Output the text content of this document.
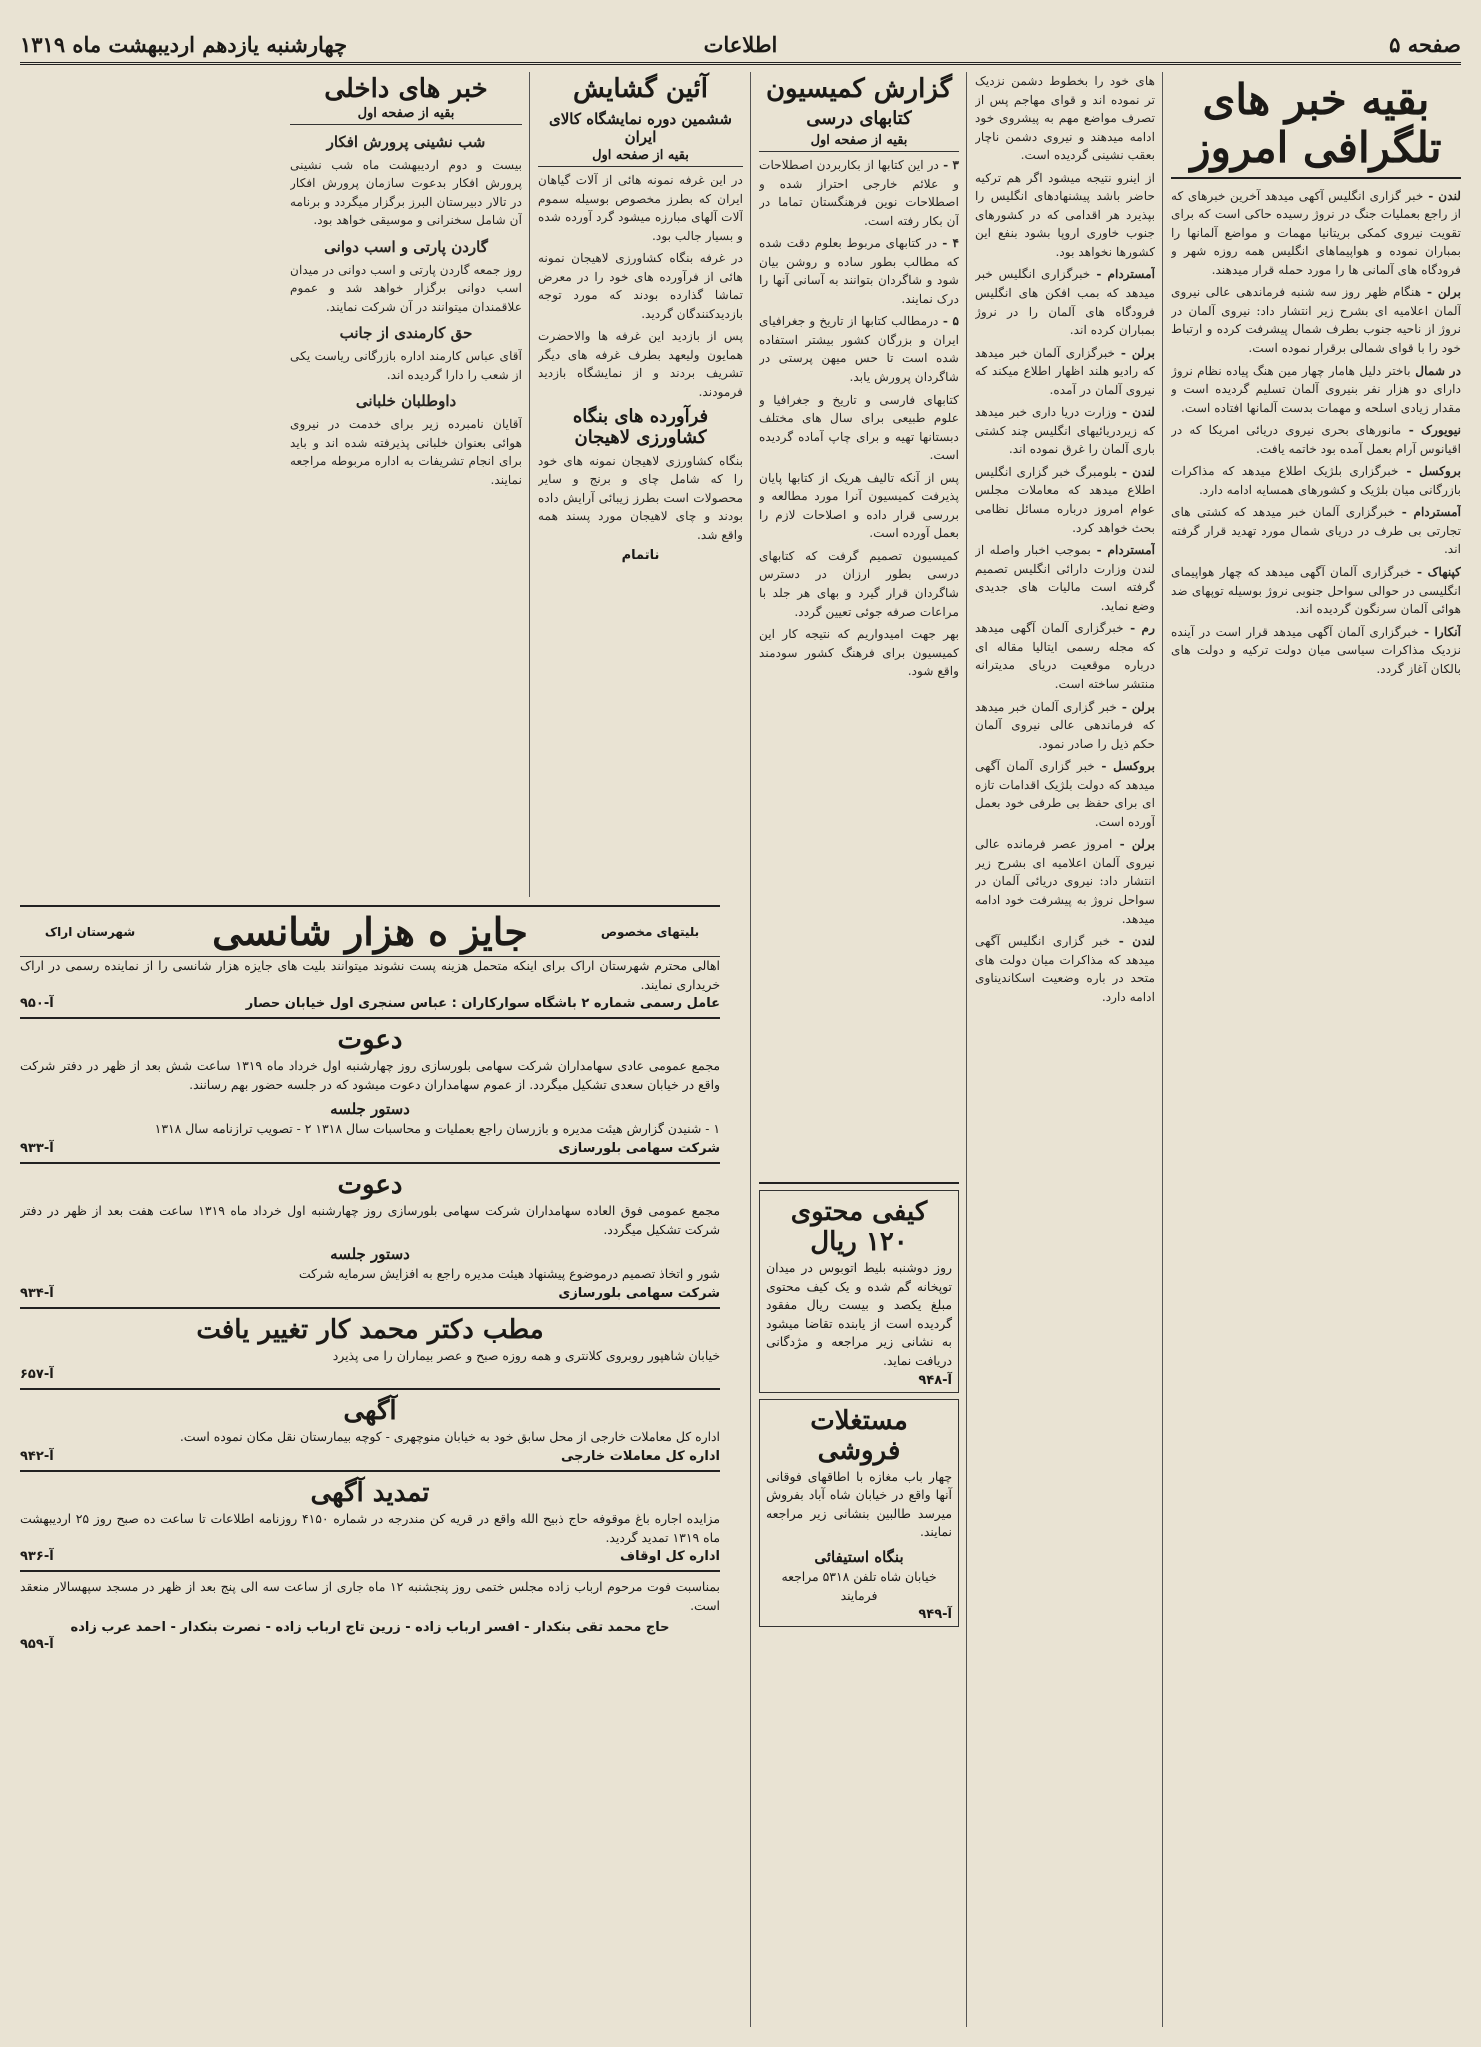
صفحه ۵
اطلاعات
چهارشنبه یازدهم اردیبهشت ماه ۱۳۱۹
بقیه خبر های تلگرافی امروز

لندن - خبر گزاری انگلیس آکهی میدهد آخرین خبرهای که از راجع بعملیات جنگ در نروژ رسیده حاکی است که برای تقویت نیروی کمکی بریتانیا مهمات و مواضع آلمانها را بمباران نموده و هواپیماهای انگلیس همه روزه شهر و فرودگاه های آلمانی ها را مورد حمله قرار میدهند.

برلن - هنگام ظهر روز سه شنبه فرماندهی عالی نیروی آلمان اعلامیه ای بشرح زیر انتشار داد: نیروی آلمان در نروژ از ناحیه جنوب بطرف شمال پیشرفت کرده و ارتباط خود را با قوای شمالی برقرار نموده است.

در شمال باختر دلیل هامار چهار مین هنگ پیاده نظام نروژ دارای دو هزار نفر بنیروی آلمان تسلیم گردیده است و مقدار زیادی اسلحه و مهمات بدست آلمانها افتاده است.

نیویورک - مانورهای بحری نیروی دریائی امریکا که در اقیانوس آرام بعمل آمده بود خاتمه یافت.

بروکسل - خبرگزاری بلژیک اطلاع میدهد که مذاکرات بازرگانی میان بلژیک و کشورهای همسایه ادامه دارد.

آمستردام - خبرگزاری آلمان خبر میدهد که کشتی های تجارتی بی طرف در دریای شمال مورد تهدید قرار گرفته اند.

کپنهاک - خبرگزاری آلمان آگهی میدهد که چهار هواپیمای انگلیسی در حوالی سواحل جنوبی نروژ بوسیله توپهای ضد هوائی آلمان سرنگون گردیده اند.

آنکارا - خبرگزاری آلمان آگهی میدهد قرار است در آینده نزدیک مذاکرات سیاسی میان دولت ترکیه و دولت های بالکان آغاز گردد.

های خود را بخطوط دشمن نزدیک تر نموده اند و قوای مهاجم پس از تصرف مواضع مهم به پیشروی خود ادامه میدهند و نیروی دشمن ناچار بعقب نشینی گردیده است.

از اینرو نتیجه میشود اگر هم ترکیه حاضر باشد پیشنهادهای انگلیس را بپذیرد هر اقدامی که در کشورهای جنوب خاوری اروپا بشود بنفع این کشورها نخواهد بود.

آمستردام - خبرگزاری انگلیس خبر میدهد که بمب افکن های انگلیس فرودگاه های آلمان را در نروژ بمباران کرده اند.

برلن - خبرگزاری آلمان خبر میدهد که رادیو هلند اظهار اطلاع میکند که نیروی آلمان در آمده.

لندن - وزارت دریا داری خبر میدهد که زیردریائیهای انگلیس چند کشتی باری آلمان را غرق نموده اند.

لندن - بلومبرگ خبر گزاری انگلیس اطلاع میدهد که معاملات مجلس عوام امروز درباره مسائل نظامی بحث خواهد کرد.

آمستردام - بموجب اخبار واصله از لندن وزارت دارائی انگلیس تصمیم گرفته است مالیات های جدیدی وضع نماید.

رم - خبرگزاری آلمان آگهی میدهد که مجله رسمی ایتالیا مقاله ای درباره موقعیت دریای مدیترانه منتشر ساخته است.

برلن - خبر گزاری آلمان خبر میدهد که فرماندهی عالی نیروی آلمان حکم ذیل را صادر نمود.

بروکسل - خبر گزاری آلمان آگهی میدهد که دولت بلژیک اقدامات تازه ای برای حفظ بی طرفی خود بعمل آورده است.

برلن - امروز عصر فرمانده عالی نیروی آلمان اعلامیه ای بشرح زیر انتشار داد: نیروی دریائی آلمان در سواحل نروژ به پیشرفت خود ادامه میدهد.

لندن - خبر گزاری انگلیس آگهی میدهد که مذاکرات میان دولت های متحد در باره وضعیت اسکاندیناوی ادامه دارد.

گزارش کمیسیون
کتابهای درسی
بقیه از صفحه اول

۳ - در این کتابها از بکاربردن اصطلاحات و علائم خارجی احتراز شده و اصطلاحات نوین فرهنگستان تماما در آن بکار رفته است.

۴ - در کتابهای مربوط بعلوم دقت شده که مطالب بطور ساده و روشن بیان شود و شاگردان بتوانند به آسانی آنها را درک نمایند.

۵ - درمطالب کتابها از تاریخ و جغرافیای ایران و بزرگان کشور بیشتر استفاده شده است تا حس میهن پرستی در شاگردان پرورش یابد.

کتابهای فارسی و تاریخ و جغرافیا و علوم طبیعی برای سال های مختلف دبستانها تهیه و برای چاپ آماده گردیده است.

پس از آنکه تالیف هریک از کتابها پایان پذیرفت کمیسیون آنرا مورد مطالعه و بررسی قرار داده و اصلاحات لازم را بعمل آورده است.

کمیسیون تصمیم گرفت که کتابهای درسی بطور ارزان در دسترس شاگردان قرار گیرد و بهای هر جلد با مراعات صرفه جوئی تعیین گردد.

بهر جهت امیدواریم که نتیجه کار این کمیسیون برای فرهنگ کشور سودمند واقع شود.

کیفی محتوی ۱۲۰ ریال
روز دوشنبه بلیط اتوبوس در میدان توپخانه گم شده و یک کیف محتوی مبلغ یکصد و بیست ریال مفقود گردیده است از یابنده تقاضا میشود به نشانی زیر مراجعه و مژدگانی دریافت نماید.
آ-۹۴۸
مستغلات فروشی
چهار باب مغازه با اطاقهای فوقانی آنها واقع در خیابان شاه آباد بفروش میرسد طالبین بنشانی زیر مراجعه نمایند.
بنگاه استیفائی
خیابان شاه تلفن ۵۳۱۸ مراجعه فرمایند
آ-۹۴۹
آئین گشایش
ششمین دوره نمایشگاه کالای ایران
بقیه از صفحه اول

در این غرفه نمونه هائی از آلات گیاهان ایران که بطرز مخصوص بوسیله سموم آلات آلهای مبارزه میشود گرد آورده شده و بسیار جالب بود.

در غرفه بنگاه کشاورزی لاهیجان نمونه هائی از فرآورده های خود را در معرض تماشا گذارده بودند که مورد توجه بازدیدکنندگان گردید.

پس از بازدید این غرفه ها والاحضرت همایون ولیعهد بطرف غرفه های دیگر تشریف بردند و از نمایشگاه بازدید فرمودند.

فرآورده های بنگاه کشاورزی لاهیجان
بنگاه کشاورزی لاهیجان نمونه های خود را که شامل چای و برنج و سایر محصولات است بطرز زیبائی آرایش داده بودند و چای لاهیجان مورد پسند همه واقع شد.
ناتمام
خبر های داخلی
بقیه از صفحه اول
شب نشینی پرورش افکار

بیست و دوم اردیبهشت ماه شب نشینی پرورش افکار بدعوت سازمان پرورش افکار در تالار دبیرستان البرز برگزار میگردد و برنامه آن شامل سخنرانی و موسیقی خواهد بود.

گاردن پارتی و اسب دوانی

روز جمعه گاردن پارتی و اسب دوانی در میدان اسب دوانی برگزار خواهد شد و عموم علاقمندان میتوانند در آن شرکت نمایند.

حق کارمندی از جانب

آقای عباس کارمند اداره بازرگانی ریاست یکی از شعب را دارا گردیده اند.

داوطلبان خلبانی

آقایان نامبرده زیر برای خدمت در نیروی هوائی بعنوان خلبانی پذیرفته شده اند و باید برای انجام تشریفات به اداره مربوطه مراجعه نمایند.

بلیتهای مخصوص
جایز ه هزار شانسی
شهرستان اراک
اهالی محترم شهرستان اراک برای اینکه متحمل هزینه پست نشوند میتوانند بلیت های جایزه هزار شانسی را از نماینده رسمی در اراک خریداری نمایند.
عامل رسمی شماره ۲ باشگاه سوارکاران : عباس سنجری اول خیابان حصار
آ-۹۵۰
دعوت
مجمع عمومی عادی سهامداران شرکت سهامی بلورسازی روز چهارشنبه اول خرداد ماه ۱۳۱۹ ساعت شش بعد از ظهر در دفتر شرکت واقع در خیابان سعدی تشکیل میگردد. از عموم سهامداران دعوت میشود که در جلسه حضور بهم رسانند.
دستور جلسه
۱ - شنیدن گزارش هیئت مدیره و بازرسان راجع بعملیات و محاسبات سال ۱۳۱۸ ۲ - تصویب ترازنامه سال ۱۳۱۸
شرکت سهامی بلورسازی
آ-۹۳۳
دعوت
مجمع عمومی فوق العاده سهامداران شرکت سهامی بلورسازی روز چهارشنبه اول خرداد ماه ۱۳۱۹ ساعت هفت بعد از ظهر در دفتر شرکت تشکیل میگردد.
دستور جلسه
شور و اتخاذ تصمیم درموضوع پیشنهاد هیئت مدیره راجع به افزایش سرمایه شرکت
شرکت سهامی بلورسازی
آ-۹۳۴
مطب دکتر محمد کار تغییر یافت
خیابان شاهپور روبروی کلانتری و همه روزه صبح و عصر بیماران را می پذیرد
آ-۶۵۷
آگهی
اداره کل معاملات خارجی از محل سابق خود به خیابان منوچهری - کوچه بیمارستان نقل مکان نموده است.
اداره کل معاملات خارجی
آ-۹۴۲
تمدید آگهی
مزایده اجاره باغ موقوفه حاج ذبیح الله واقع در قریه کن مندرجه در شماره ۴۱۵۰ روزنامه اطلاعات تا ساعت ده صبح روز ۲۵ اردیبهشت ماه ۱۳۱۹ تمدید گردید.
اداره کل اوقاف
آ-۹۳۶
بمناسبت فوت مرحوم ارباب زاده مجلس ختمی روز پنجشنبه ۱۲ ماه جاری از ساعت سه الی پنج بعد از ظهر در مسجد سپهسالار منعقد است.
حاج محمد تقی بنکدار - افسر ارباب زاده - زرین تاج ارباب زاده - نصرت بنکدار - احمد عرب زاده
آ-۹۵۹
